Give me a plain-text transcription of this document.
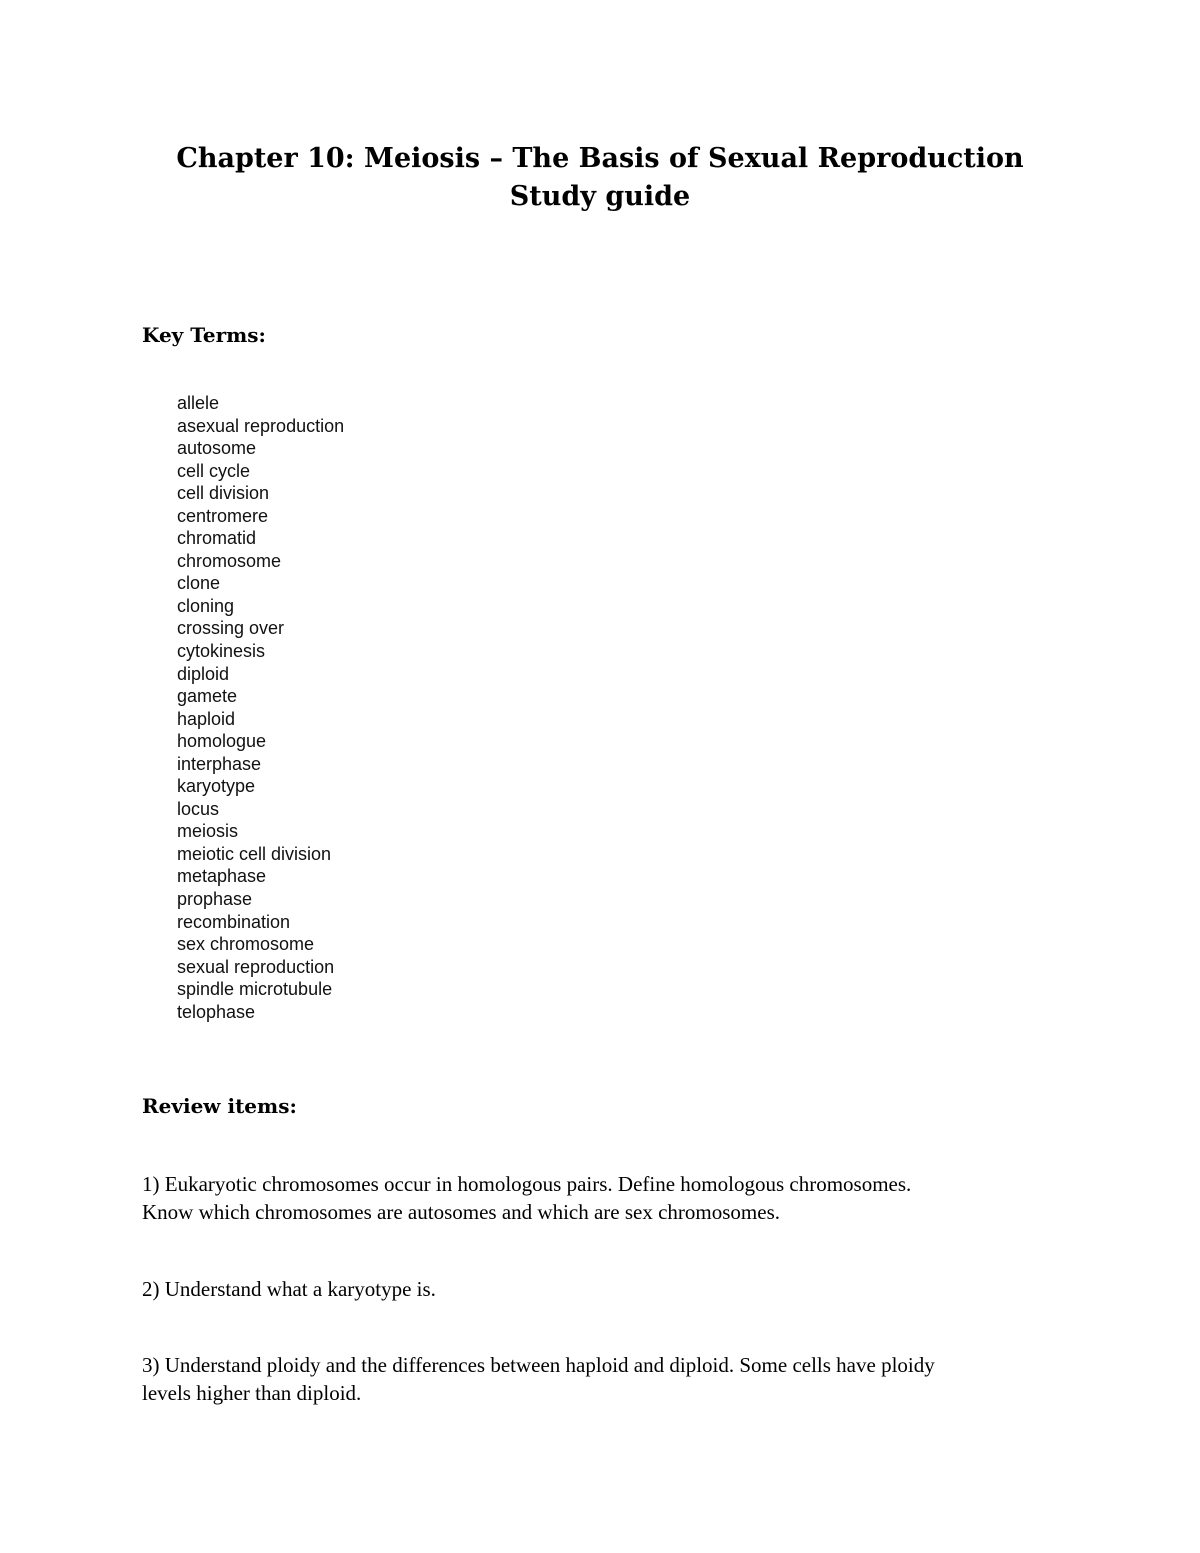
Chapter 10: Meiosis – The Basis of Sexual Reproduction
Study guide
Key Terms:
allele
asexual reproduction
autosome
cell cycle
cell division
centromere
chromatid
chromosome
clone
cloning
crossing over
cytokinesis
diploid
gamete
haploid
homologue
interphase
karyotype
locus
meiosis
meiotic cell division
metaphase
prophase
recombination
sex chromosome
sexual reproduction
spindle microtubule
telophase
Review items:

1) Eukaryotic chromosomes occur in homologous pairs. Define homologous chromosomes.
Know which chromosomes are autosomes and which are sex chromosomes.

2) Understand what a karyotype is.

3) Understand ploidy and the differences between haploid and diploid. Some cells have ploidy
levels higher than diploid.
